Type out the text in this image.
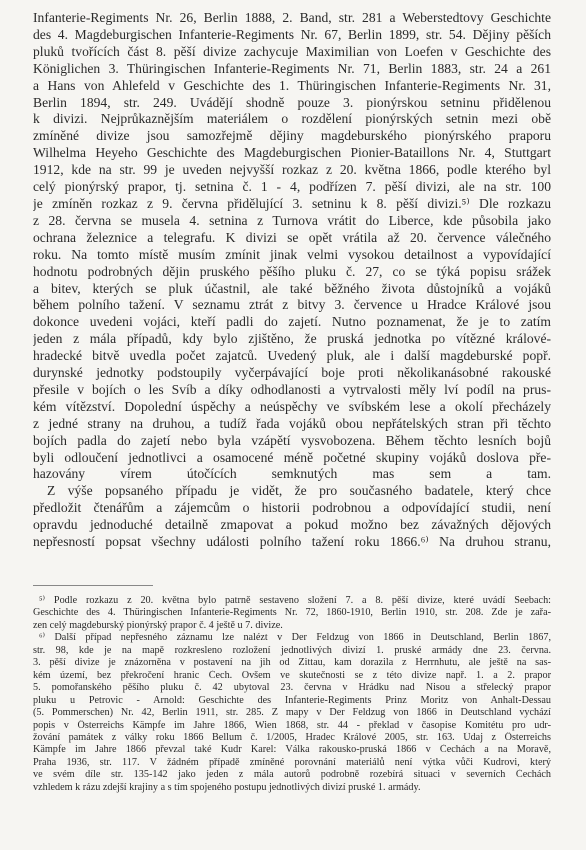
Infanterie-Regiments Nr. 26, Berlin 1888, 2. Band, str. 281 a Weberstedtovy Geschichte
des 4. Magdeburgischen Infanterie-Regiments Nr. 67, Berlin 1899, str. 54. Dějiny pěších
pluků tvořících část 8. pěší divize zachycuje Maximilian von Loefen v Geschichte des
Königlichen 3. Thüringischen Infanterie-Regiments Nr. 71, Berlin 1883, str. 24 a 261
a Hans von Ahlefeld v Geschichte des 1. Thüringischen Infanterie-Regiments Nr. 31,
Berlin 1894, str. 249. Uvádějí shodně pouze 3. pionýrskou setninu přidělenou
k divizi. Nejprůkaznějším materiálem o rozdělení pionýrských setnin mezi obě
zmíněné divize jsou samozřejmě dějiny magdeburského pionýrského praporu
Wilhelma Heyeho Geschichte des Magdeburgischen Pionier-Bataillons Nr. 4, Stuttgart
1912, kde na str. 99 je uveden nejvyšší rozkaz z 20. května 1866, podle kterého byl
celý pionýrský prapor, tj. setnina č. 1 - 4, podřízen 7. pěší divizi, ale na str. 100
je zmíněn rozkaz z 9. června přidělující 3. setninu k 8. pěší divizi.⁵⁾ Dle rozkazu
z 28. června se musela 4. setnina z Turnova vrátit do Liberce, kde působila jako
ochrana železnice a telegrafu. K divizi se opět vrátila až 20. července válečného
roku. Na tomto místě musím zmínit jinak velmi vysokou detailnost a vypovídající
hodnotu podrobných dějin pruského pěšího pluku č. 27, co se týká popisu srážek
a bitev, kterých se pluk účastnil, ale také běžného života důstojníků a vojáků
během polního tažení. V seznamu ztrát z bitvy 3. července u Hradce Králové jsou
dokonce uvedeni vojáci, kteří padli do zajetí. Nutno poznamenat, že je to zatím
jeden z mála případů, kdy bylo zjištěno, že pruská jednotka po vítězné králové-
hradecké bitvě uvedla počet zajatců. Uvedený pluk, ale i další magdeburské popř.
durynské jednotky podstoupily vyčerpávající boje proti několikanásobné rakouské
přesile v bojích o les Svíb a díky odhodlanosti a vytrvalosti měly lví podíl na prus-
kém vítězství. Dopolední úspěchy a neúspěchy ve svíbském lese a okolí přecházely
z jedné strany na druhou, a tudíž řada vojáků obou nepřátelských stran při těchto
bojích padla do zajetí nebo byla vzápětí vysvobozena. Během těchto lesních bojů
byli odloučení jednotlivci a osamocené méně početné skupiny vojáků doslova pře-
hazovány vírem útočících semknutých mas sem a tam.
Z výše popsaného případu je vidět, že pro současného badatele, který chce
předložit čtenářům a zájemcům o historii podrobnou a odpovídající studii, není
opravdu jednoduché detailně zmapovat a pokud možno bez závažných dějových
nepřesností popsat všechny události polního tažení roku 1866.⁶⁾ Na druhou stranu,
⁵⁾ Podle rozkazu z 20. května bylo patrně sestaveno složení 7. a 8. pěší divize, které uvádí Seebach:
Geschichte des 4. Thüringischen Infanterie-Regiments Nr. 72, 1860-1910, Berlin 1910, str. 208. Zde je zařa-
zen celý magdeburský pionýrský prapor č. 4 ještě u 7. divize.
⁶⁾ Další případ nepřesného záznamu lze nalézt v Der Feldzug von 1866 in Deutschland, Berlin 1867,
str. 98, kde je na mapě rozkresleno rozložení jednotlivých divizí 1. pruské armády dne 23. června.
3. pěší divize je znázorněna v postavení na jih od Zittau, kam dorazila z Herrnhutu, ale ještě na sas-
kém území, bez překročení hranic Čech. Ovšem ve skutečnosti se z této divize např. 1. a 2. prapor
5. pomořanského pěšího pluku č. 42 ubytoval 23. června v Hrádku nad Nisou a střelecký prapor
pluku u Petrovic - Arnold: Geschichte des Infanterie-Regiments Prinz Moritz von Anhalt-Dessau
(5. Pommerschen) Nr. 42, Berlin 1911, str. 285. Z mapy v Der Feldzug von 1866 in Deutschland vychází
popis v Österreichs Kämpfe im Jahre 1866, Wien 1868, str. 44 - překlad v časopise Komitétu pro udr-
žování památek z války roku 1866 Bellum č. 1/2005, Hradec Králové 2005, str. 163. Údaj z Österreichs
Kämpfe im Jahre 1866 převzal také Kudr Karel: Válka rakousko-pruská 1866 v Čechách a na Moravě,
Praha 1936, str. 117. V žádném případě zmíněné porovnání materiálů není výtka vůči Kudrovi, který
ve svém díle str. 135-142 jako jeden z mála autorů podrobně rozebírá situaci v severních Čechách
vzhledem k rázu zdejší krajiny a s tím spojeného postupu jednotlivých divizí pruské 1. armády.
